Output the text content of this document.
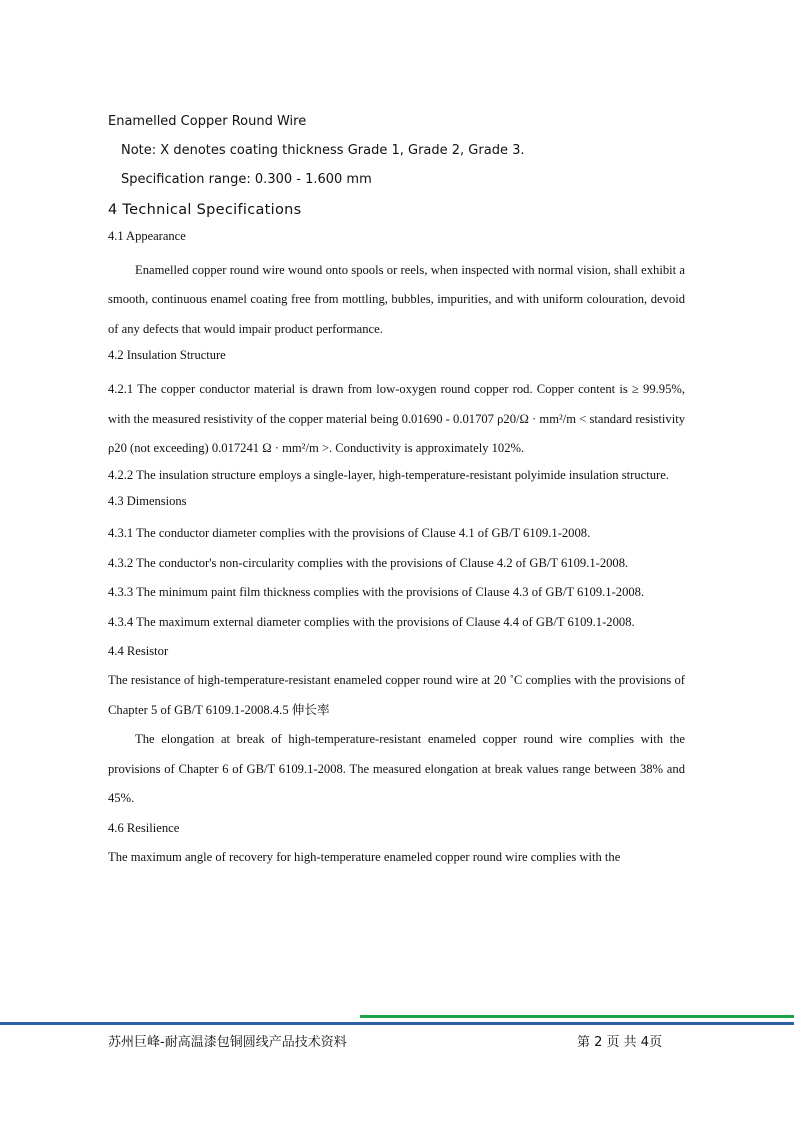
Enamelled Copper Round Wire
Note: X denotes coating thickness Grade 1, Grade 2, Grade 3.
Specification range: 0.300 - 1.600 mm
4 Technical Specifications
4.1 Appearance

Enamelled copper round wire wound onto spools or reels, when inspected with normal vision, shall exhibit a smooth, continuous enamel coating free from mottling, bubbles, impurities, and with uniform colouration, devoid of any defects that would impair product performance.

4.2 Insulation Structure

4.2.1 The copper conductor material is drawn from low-oxygen round copper rod. Copper content is ≥ 99.95%, with the measured resistivity of the copper material being 0.01690 - 0.01707 ρ20/Ω · mm²/m < standard resistivity ρ20 (not exceeding) 0.017241 Ω · mm²/m >. Conductivity is approximately 102%.

4.2.2 The insulation structure employs a single-layer, high-temperature-resistant polyimide insulation structure.

4.3 Dimensions

4.3.1 The conductor diameter complies with the provisions of Clause 4.1 of GB/T 6109.1-2008.

4.3.2 The conductor's non-circularity complies with the provisions of Clause 4.2 of GB/T 6109.1-2008.

4.3.3 The minimum paint film thickness complies with the provisions of Clause 4.3 of GB/T 6109.1-2008.

4.3.4 The maximum external diameter complies with the provisions of Clause 4.4 of GB/T 6109.1-2008.

4.4 Resistor

The resistance of high-temperature-resistant enameled copper round wire at 20 ˚C complies with the provisions of Chapter 5 of GB/T 6109.1-2008.4.5 伸长率

The elongation at break of high-temperature-resistant enameled copper round wire complies with the provisions of Chapter 6 of GB/T 6109.1-2008. The measured elongation at break values range between 38% and 45%.

4.6 Resilience

The maximum angle of recovery for high-temperature enameled copper round wire complies with the

苏州巨峰-耐高温漆包铜圆线产品技术资料	第 2 页 共 4页
